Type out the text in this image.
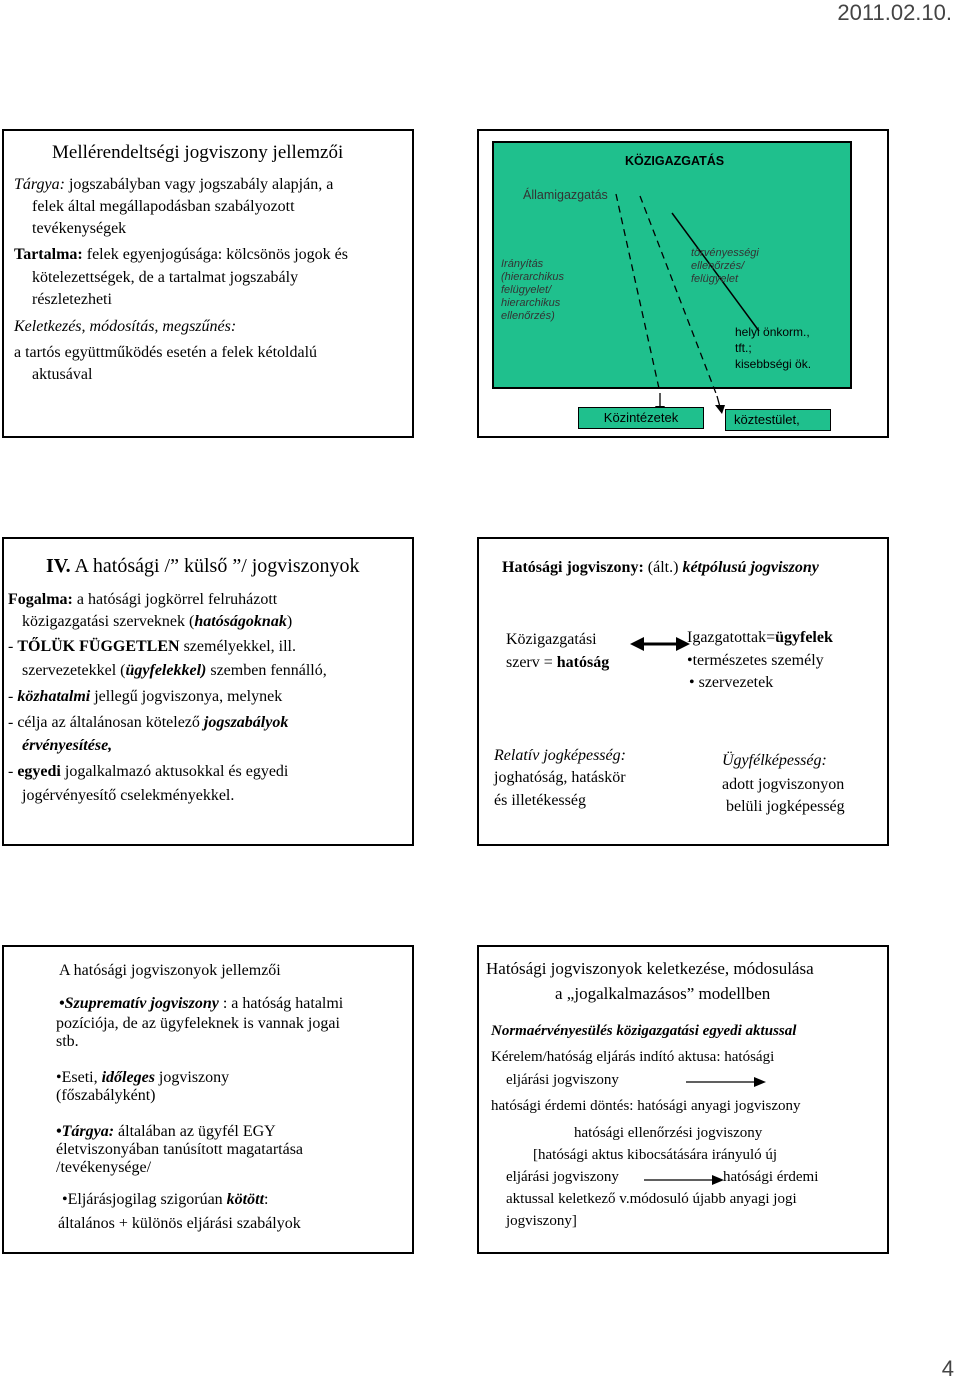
2011.02.10.
Mellérendeltségi jogviszony jellemzői
Tárgya: jogszabályban vagy jogszabály alapján, a
felek által megállapodásban szabályozott
tevékenységek
Tartalma: felek egyenjogúsága: kölcsönös jogok és
kötelezettségek, de a tartalmat jogszabály
részletezheti
Keletkezés, módosítás, megszűnés:
a tartós együttműködés esetén a felek kétoldalú
aktusával
KÖZIGAZGATÁS
Államigazgatás
Irányítás
(hierarchikus
felügyelet/
hierarchikus
ellenőrzés)
törvényességi
ellenőrzés/
felügyelet
helyi önkorm.,
tft.;
kisebbségi ök.
Közintézetek	köztestület,
IV. A hatósági /” külső ”/ jogviszonyok
Fogalma: a hatósági jogkörrel felruházott
közigazgatási szerveknek (hatóságoknak)
- TŐLÜK FÜGGETLEN személyekkel, ill.
szervezetekkel (ügyfelekkel) szemben fennálló,
- közhatalmi jellegű jogviszonya, melynek
- célja az általánosan kötelező jogszabályok
érvényesítése,
- egyedi jogalkalmazó aktusokkal és egyedi
jogérvényesítő cselekményekkel.
Hatósági jogviszony: (ált.) kétpólusú jogviszony
Közigazgatási
szerv = hatóság
Igazgatottak=ügyfelek
•természetes személy
• szervezetek
Relatív jogképesség:
joghatóság, hatáskör
és illetékesség
Ügyfélképesség:
adott jogviszonyon
belüli jogképesség
A hatósági jogviszonyok jellemzői
•Szuprematív jogviszony : a hatóság hatalmi
pozíciója, de az ügyfeleknek is vannak jogai
stb.
•Eseti, időleges jogviszony
(főszabályként)
•Tárgya: általában az ügyfél EGY
életviszonyában tanúsított magatartása
/tevékenysége/
•Eljárásjogilag szigorúan kötött:
általános + különös eljárási szabályok
Hatósági jogviszonyok keletkezése, módosulása
a „jogalkalmazásos” modellben
Normaérvényesülés közigazgatási egyedi aktussal
Kérelem/hatóság eljárás indító aktusa: hatósági
eljárási jogviszony
hatósági érdemi döntés: hatósági anyagi jogviszony
hatósági ellenőrzési jogviszony
[hatósági aktus kibocsátására irányuló új
eljárási jogviszony	hatósági érdemi
aktussal keletkező v.módosuló újabb anyagi jogi
jogviszony]
4
